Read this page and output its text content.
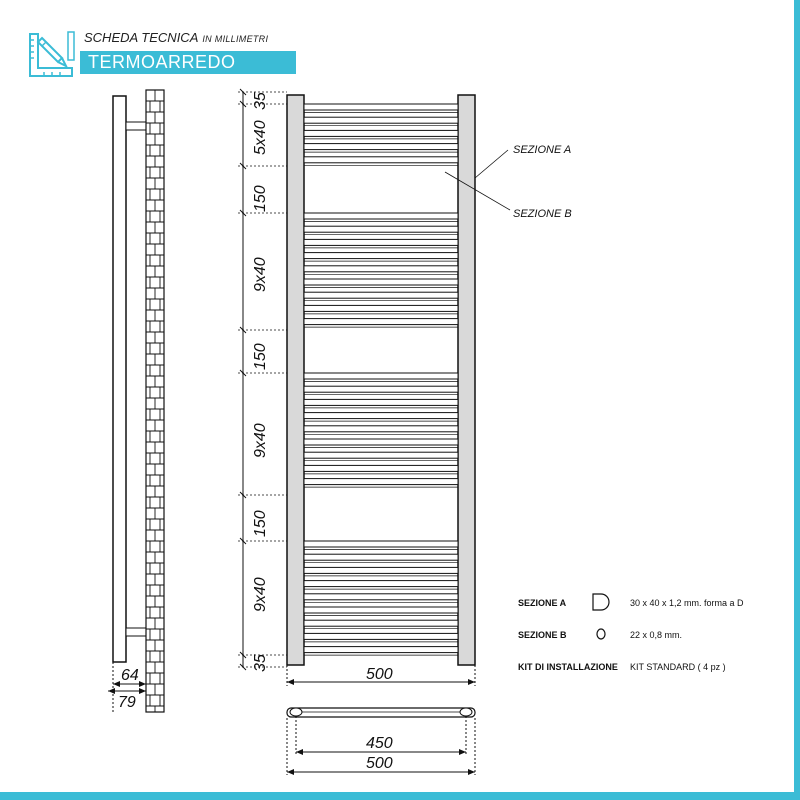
SCHEDA TECNICA IN MILLIMETRI
TERMOARREDO
64
79
35
5x40
150
9x40
150
9x40
150
9x40
35
500
SEZIONE A
SEZIONE B
450
500
SEZIONE A	30 x 40 x 1,2 mm. forma a D
SEZIONE B	22 x 0,8 mm.
KIT DI INSTALLAZIONE KIT STANDARD ( 4 pz )
